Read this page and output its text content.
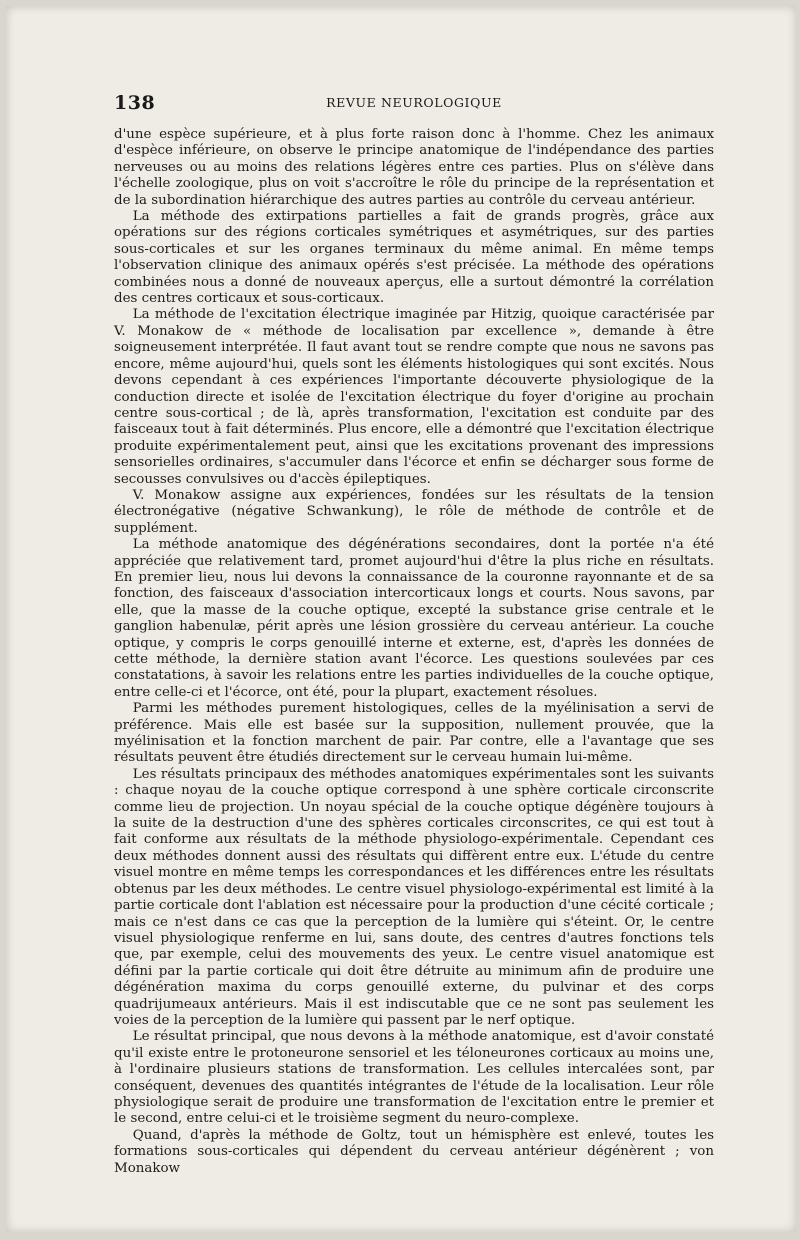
138	REVUE NEUROLOGIQUE

d'une espèce supérieure, et à plus forte raison donc à l'homme. Chez les animaux d'espèce inférieure, on observe le principe anatomique de l'indépendance des parties nerveuses ou au moins des relations légères entre ces parties. Plus on s'élève dans l'échelle zoologique, plus on voit s'accroître le rôle du principe de la représentation et de la subordination hiérarchique des autres parties au contrôle du cerveau antérieur.

La méthode des extirpations partielles a fait de grands progrès, grâce aux opérations sur des régions corticales symétriques et asymétriques, sur des parties sous-corticales et sur les organes terminaux du même animal. En même temps l'observation clinique des animaux opérés s'est précisée. La méthode des opérations combinées nous a donné de nouveaux aperçus, elle a surtout démontré la corrélation des centres corticaux et sous-corticaux.

La méthode de l'excitation électrique imaginée par Hitzig, quoique caractérisée par V. Monakow de « méthode de localisation par excellence », demande à être soigneusement interprétée. Il faut avant tout se rendre compte que nous ne savons pas encore, même aujourd'hui, quels sont les éléments histologiques qui sont excités. Nous devons cependant à ces expériences l'importante découverte physiologique de la conduction directe et isolée de l'excitation électrique du foyer d'origine au prochain centre sous-cortical ; de là, après transformation, l'excitation est conduite par des faisceaux tout à fait déterminés. Plus encore, elle a démontré que l'excitation électrique produite expérimentalement peut, ainsi que les excitations provenant des impressions sensorielles ordinaires, s'accumuler dans l'écorce et enfin se décharger sous forme de secousses convulsives ou d'accès épileptiques.

V. Monakow assigne aux expériences, fondées sur les résultats de la tension électronégative (négative Schwankung), le rôle de méthode de contrôle et de supplément.

La méthode anatomique des dégénérations secondaires, dont la portée n'a été appréciée que relativement tard, promet aujourd'hui d'être la plus riche en résultats. En premier lieu, nous lui devons la connaissance de la couronne rayonnante et de sa fonction, des faisceaux d'association intercorticaux longs et courts. Nous savons, par elle, que la masse de la couche optique, excepté la substance grise centrale et le ganglion habenulæ, périt après une lésion grossière du cerveau antérieur. La couche optique, y compris le corps genouillé interne et externe, est, d'après les données de cette méthode, la dernière station avant l'écorce. Les questions soulevées par ces constatations, à savoir les relations entre les parties individuelles de la couche optique, entre celle-ci et l'écorce, ont été, pour la plupart, exactement résolues.

Parmi les méthodes purement histologiques, celles de la myélinisation a servi de préférence. Mais elle est basée sur la supposition, nullement prouvée, que la myélinisation et la fonction marchent de pair. Par contre, elle a l'avantage que ses résultats peuvent être étudiés directement sur le cerveau humain lui-même.

Les résultats principaux des méthodes anatomiques expérimentales sont les suivants : chaque noyau de la couche optique correspond à une sphère corticale circonscrite comme lieu de projection. Un noyau spécial de la couche optique dégénère toujours à la suite de la destruction d'une des sphères corticales circonscrites, ce qui est tout à fait conforme aux résultats de la méthode physiologo-expérimentale. Cependant ces deux méthodes donnent aussi des résultats qui diffèrent entre eux. L'étude du centre visuel montre en même temps les correspondances et les différences entre les résultats obtenus par les deux méthodes. Le centre visuel physiologo-expérimental est limité à la partie corticale dont l'ablation est nécessaire pour la production d'une cécité corticale ; mais ce n'est dans ce cas que la perception de la lumière qui s'éteint. Or, le centre visuel physiologique renferme en lui, sans doute, des centres d'autres fonctions tels que, par exemple, celui des mouvements des yeux. Le centre visuel anatomique est défini par la partie corticale qui doit être détruite au minimum afin de produire une dégénération maxima du corps genouillé externe, du pulvinar et des corps quadrijumeaux antérieurs. Mais il est indiscutable que ce ne sont pas seulement les voies de la perception de la lumière qui passent par le nerf optique.

Le résultat principal, que nous devons à la méthode anatomique, est d'avoir constaté qu'il existe entre le protoneurone sensoriel et les téloneurones corticaux au moins une, à l'ordinaire plusieurs stations de transformation. Les cellules intercalées sont, par conséquent, devenues des quantités intégrantes de l'étude de la localisation. Leur rôle physiologique serait de produire une transformation de l'excitation entre le premier et le second, entre celui-ci et le troisième segment du neuro-complexe.

Quand, d'après la méthode de Goltz, tout un hémisphère est enlevé, toutes les formations sous-corticales qui dépendent du cerveau antérieur dégénèrent ; von Monakow
